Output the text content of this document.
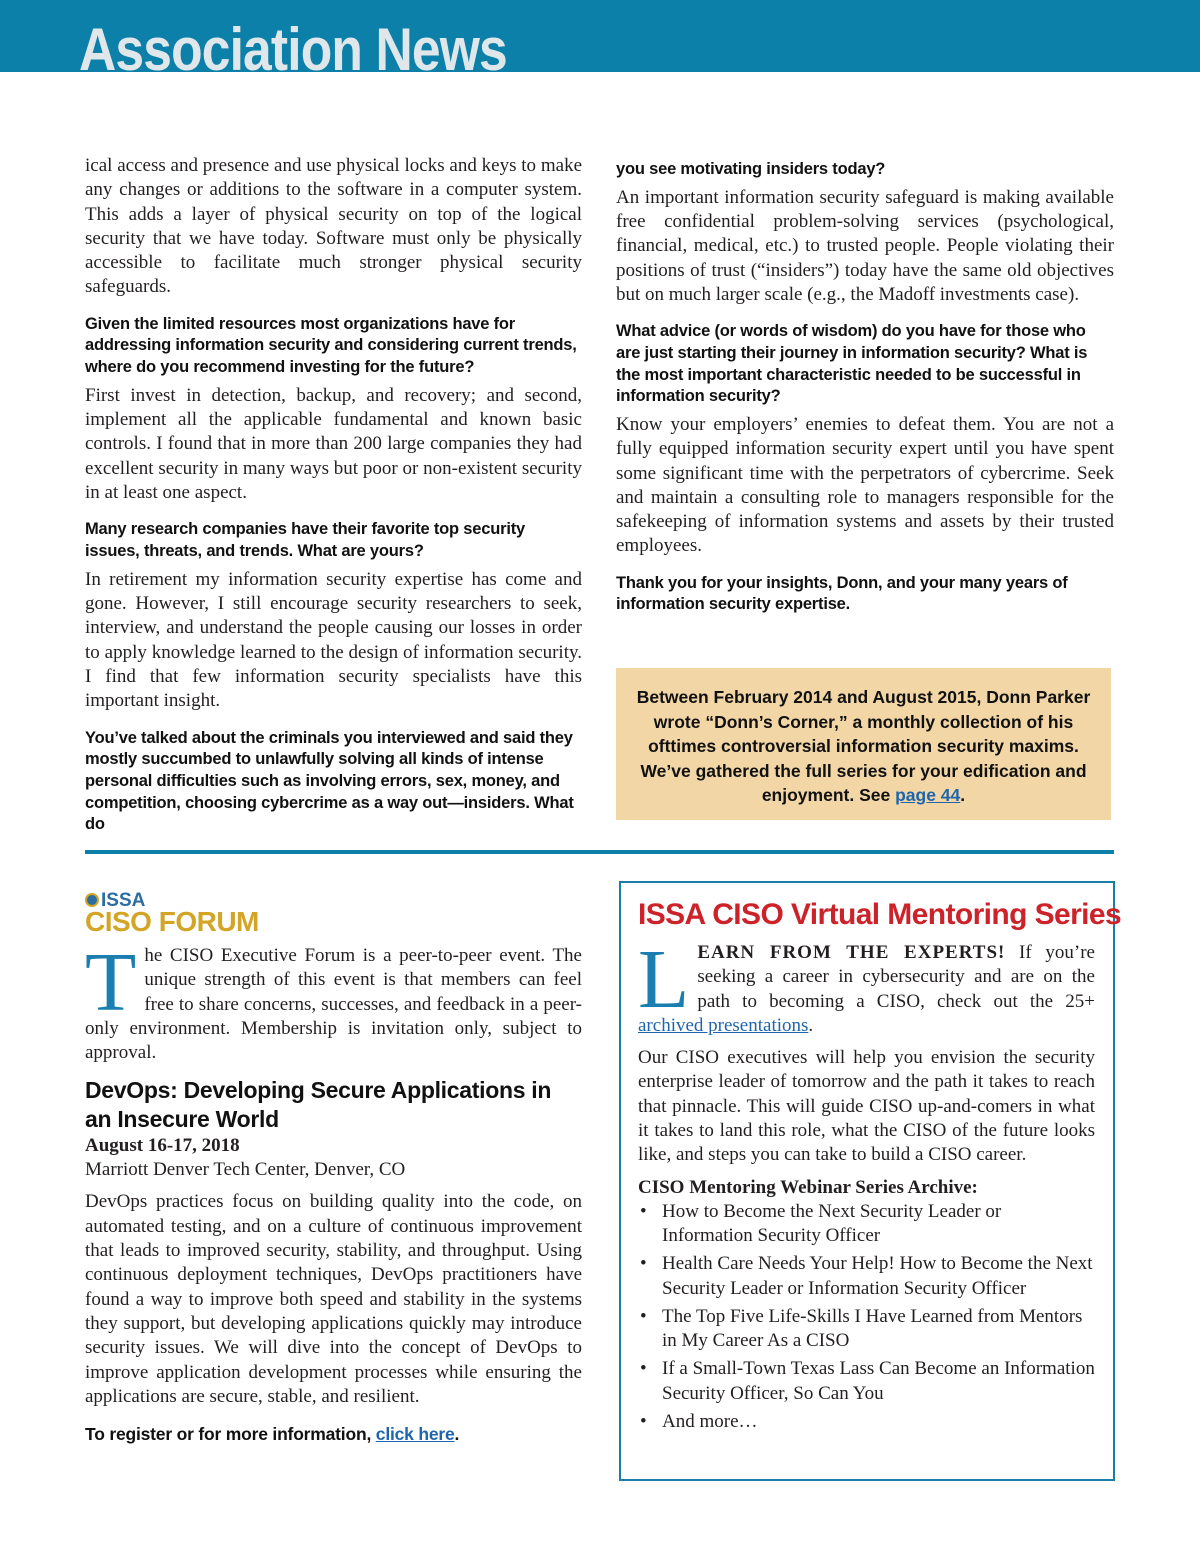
Association News

ical access and presence and use physical locks and keys to make any changes or additions to the software in a computer system. This adds a layer of physical security on top of the logical security that we have today. Software must only be physically accessible to facilitate much stronger physical security safeguards.

Given the limited resources most organizations have for addressing information security and considering current trends, where do you recommend investing for the future?

First invest in detection, backup, and recovery; and second, implement all the applicable fundamental and known basic controls. I found that in more than 200 large companies they had excellent security in many ways but poor or non-existent security in at least one aspect.

Many research companies have their favorite top security issues, threats, and trends. What are yours?

In retirement my information security expertise has come and gone. However, I still encourage security researchers to seek, interview, and understand the people causing our losses in order to apply knowledge learned to the design of information security. I find that few information security specialists have this important insight.

You’ve talked about the criminals you interviewed and said they mostly succumbed to unlawfully solving all kinds of intense personal difficulties such as involving errors, sex, money, and competition, choosing cybercrime as a way out—insiders. What do

you see motivating insiders today?

An important information security safeguard is making available free confidential problem-solving services (psychological, financial, medical, etc.) to trusted people. People violating their positions of trust (“insiders”) today have the same old objectives but on much larger scale (e.g., the Madoff investments case).

What advice (or words of wisdom) do you have for those who are just starting their journey in information security? What is the most important characteristic needed to be successful in information security?

Know your employers’ enemies to defeat them. You are not a fully equipped information security expert until you have spent some significant time with the perpetrators of cybercrime. Seek and maintain a consulting role to managers responsible for the safekeeping of information systems and assets by their trusted employees.

Thank you for your insights, Donn, and your many years of information security expertise.

Between February 2014 and August 2015, Donn Parker wrote “Donn’s Corner,” a monthly collection of his ofttimes controversial information security maxims. We’ve gathered the full series for your edification and enjoyment. See page 44.
ISSA
CISO FORUM

The CISO Executive Forum is a peer-to-peer event. The unique strength of this event is that members can feel free to share concerns, successes, and feedback in a peer-only environment. Membership is invitation only, subject to approval.

DevOps: Developing Secure Applications in an Insecure World

August 16-17, 2018

Marriott Denver Tech Center, Denver, CO

DevOps practices focus on building quality into the code, on automated testing, and on a culture of continuous improvement that leads to improved security, stability, and throughput. Using continuous deployment techniques, DevOps practitioners have found a way to improve both speed and stability in the systems they support, but developing applications quickly may introduce security issues. We will dive into the concept of DevOps to improve application development processes while ensuring the applications are secure, stable, and resilient.

To register or for more information, click here.

ISSA CISO Virtual Mentoring Series

LEARN FROM THE EXPERTS! If you’re seeking a career in cybersecurity and are on the path to becoming a CISO, check out the 25+ archived presentations.

Our CISO executives will help you envision the security enterprise leader of tomorrow and the path it takes to reach that pinnacle. This will guide CISO up-and-comers in what it takes to land this role, what the CISO of the future looks like, and steps you can take to build a CISO career.

CISO Mentoring Webinar Series Archive:

• How to Become the Next Security Leader or Information Security Officer
• Health Care Needs Your Help! How to Become the Next Security Leader or Information Security Officer
• The Top Five Life-Skills I Have Learned from Mentors in My Career As a CISO
• If a Small-Town Texas Lass Can Become an Information Security Officer, So Can You
• And more…
